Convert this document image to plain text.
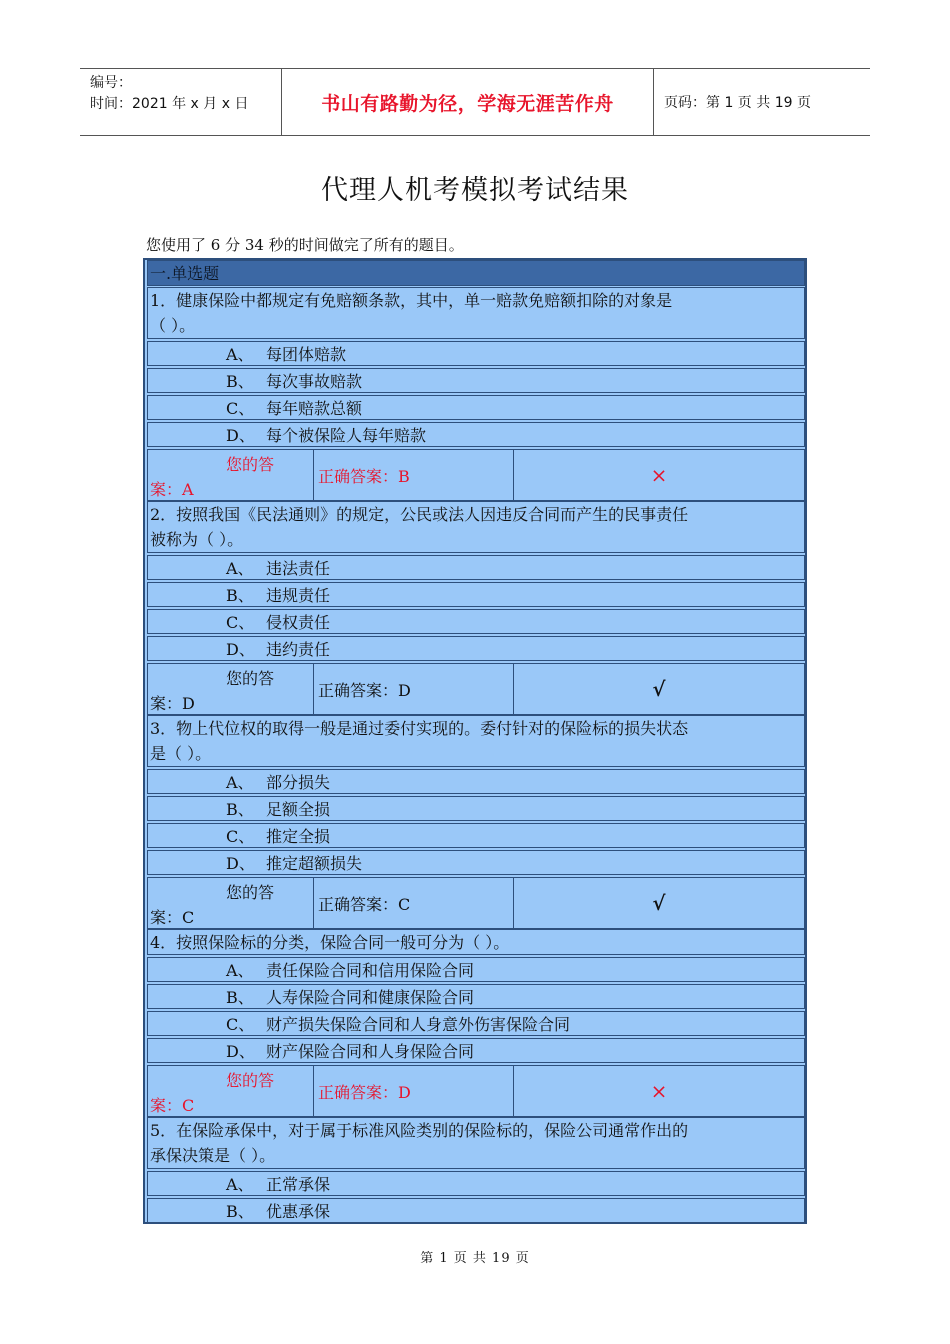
编号：
时间：2021 年 x 月 x 日	书山有路勤为径，学海无涯苦作舟	页码：第 1 页 共 19 页
代理人机考模拟考试结果
您使用了 6 分 34 秒的时间做完了所有的题目。
一.单选题
1．健康保险中都规定有免赔额条款，其中，单一赔款免赔额扣除的对象是
（ ）。
A、 每团体赔款
B、 每次事故赔款
C、 每年赔款总额
D、 每个被保险人每年赔款
您的答
案：A
正确答案：B	×
2．按照我国《民法通则》的规定，公民或法人因违反合同而产生的民事责任
被称为（ ）。
A、 违法责任
B、 违规责任
C、 侵权责任
D、 违约责任
您的答
案：D
正确答案：D	√
3．物上代位权的取得一般是通过委付实现的。委付针对的保险标的损失状态
是（ ）。
A、 部分损失
B、 足额全损
C、 推定全损
D、 推定超额损失
您的答
案：C
正确答案：C	√
4．按照保险标的分类，保险合同一般可分为（ ）。
A、 责任保险合同和信用保险合同
B、 人寿保险合同和健康保险合同
C、 财产损失保险合同和人身意外伤害保险合同
D、 财产保险合同和人身保险合同
您的答
案：C
正确答案：D	×
5．在保险承保中，对于属于标准风险类别的保险标的，保险公司通常作出的
承保决策是（ ）。
A、 正常承保
B、 优惠承保
第 1 页 共 19 页
